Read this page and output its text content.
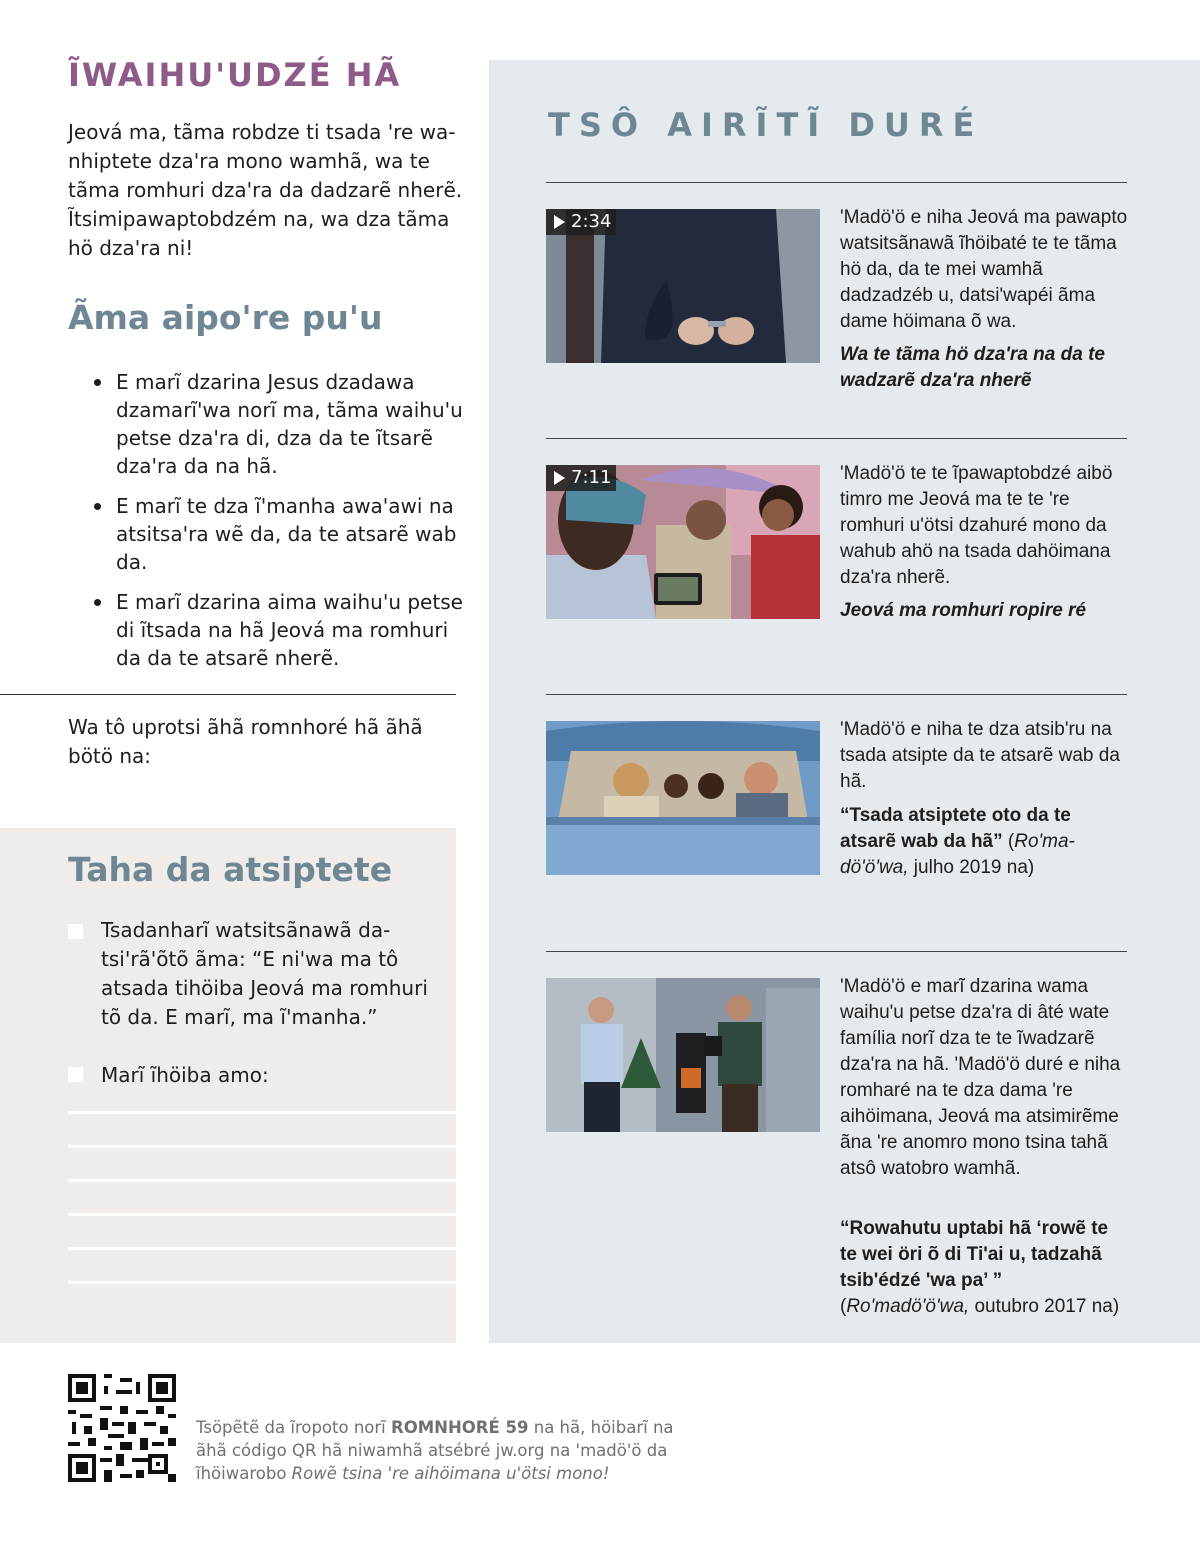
ĨWAIHU'UDZÉ HÃ

Jeová ma, tãma robdze ti tsada 're wanhiptete dza'ra mono wamhã, wa te tãma romhuri dza'ra da dadzarẽ nherẽ. Ĩtsimipawaptobdzém na, wa dza tãma hö dza'ra ni!

Ãma aipo're pu'u
E marĩ dzarina Jesus dzadawa dzamarĩ'wa norĩ ma, tãma waihu'u petse dza'ra di, dza da te ĩtsarẽ dza'ra da na hã.
E marĩ te dza ĩ'manha awa'awi na atsitsa'ra wẽ da, da te atsarẽ wab da.
E marĩ dzarina aima waihu'u petse di ĩtsada na hã Jeová ma romhuri da da te atsarẽ nherẽ.

Wa tô uprotsi ãhã romnhoré hã ãhã bötö na:

Taha da atsiptete

Tsadanharĩ watsitsãnawã datsi'rã'õtõ ãma: “E ni'wa ma tô atsada tihöiba Jeová ma romhuri tõ da. E marĩ, ma ĩ'manha.”

Marĩ ĩhöiba amo:

TSÔ AIRĨTĨ DURÉ
2:34	'Madö'ö e niha Jeová ma pawapto watsitsãnawã ĩhöibaté te te tãma hö da, da te mei wamhã dadzadzéb u, datsi'wapéi ãma dame höimana õ wa.

Wa te tãma hö dza'ra na da te wadzarẽ dza'ra nherẽ

7:11	'Madö'ö te te ĩpawaptobdzé aibö timro me Jeová ma te te 're romhuri u'ötsi dzahuré mono da wahub ahö na tsada dahöimana dza'ra nherẽ.

Jeová ma romhuri ropire ré

'Madö'ö e niha te dza atsib'ru na tsada atsipte da te atsarẽ wab da hã.

“Tsada atsiptete oto da te atsarẽ wab da hã” (Ro'madö'ö'wa, julho 2019 na)

'Madö'ö e marĩ dzarina wama waihu'u petse dza'ra di âté wate família norĩ dza te te ĩwadzarẽ dza'ra na hã. 'Madö'ö duré e niha romharé na te dza dama 're aihöimana, Jeová ma atsimirẽme ãna 're anomro mono tsina tahã atsô watobro wamhã.

“Rowahutu uptabi hã ‘rowẽ te te wei öri õ di Ti'ai u, tadzahã tsib'édzé 'wa pa’ ” (Ro'madö'ö'wa, outubro 2017 na)

Tsöpẽtẽ da ĩropoto norĩ ROMNHORÉ 59 na hã, höibarĩ na ãhã código QR hã niwamhã atsébré jw.org na 'madö'ö da ĩhöiwarobo Rowẽ tsina 're aihöimana u'ötsi mono!
